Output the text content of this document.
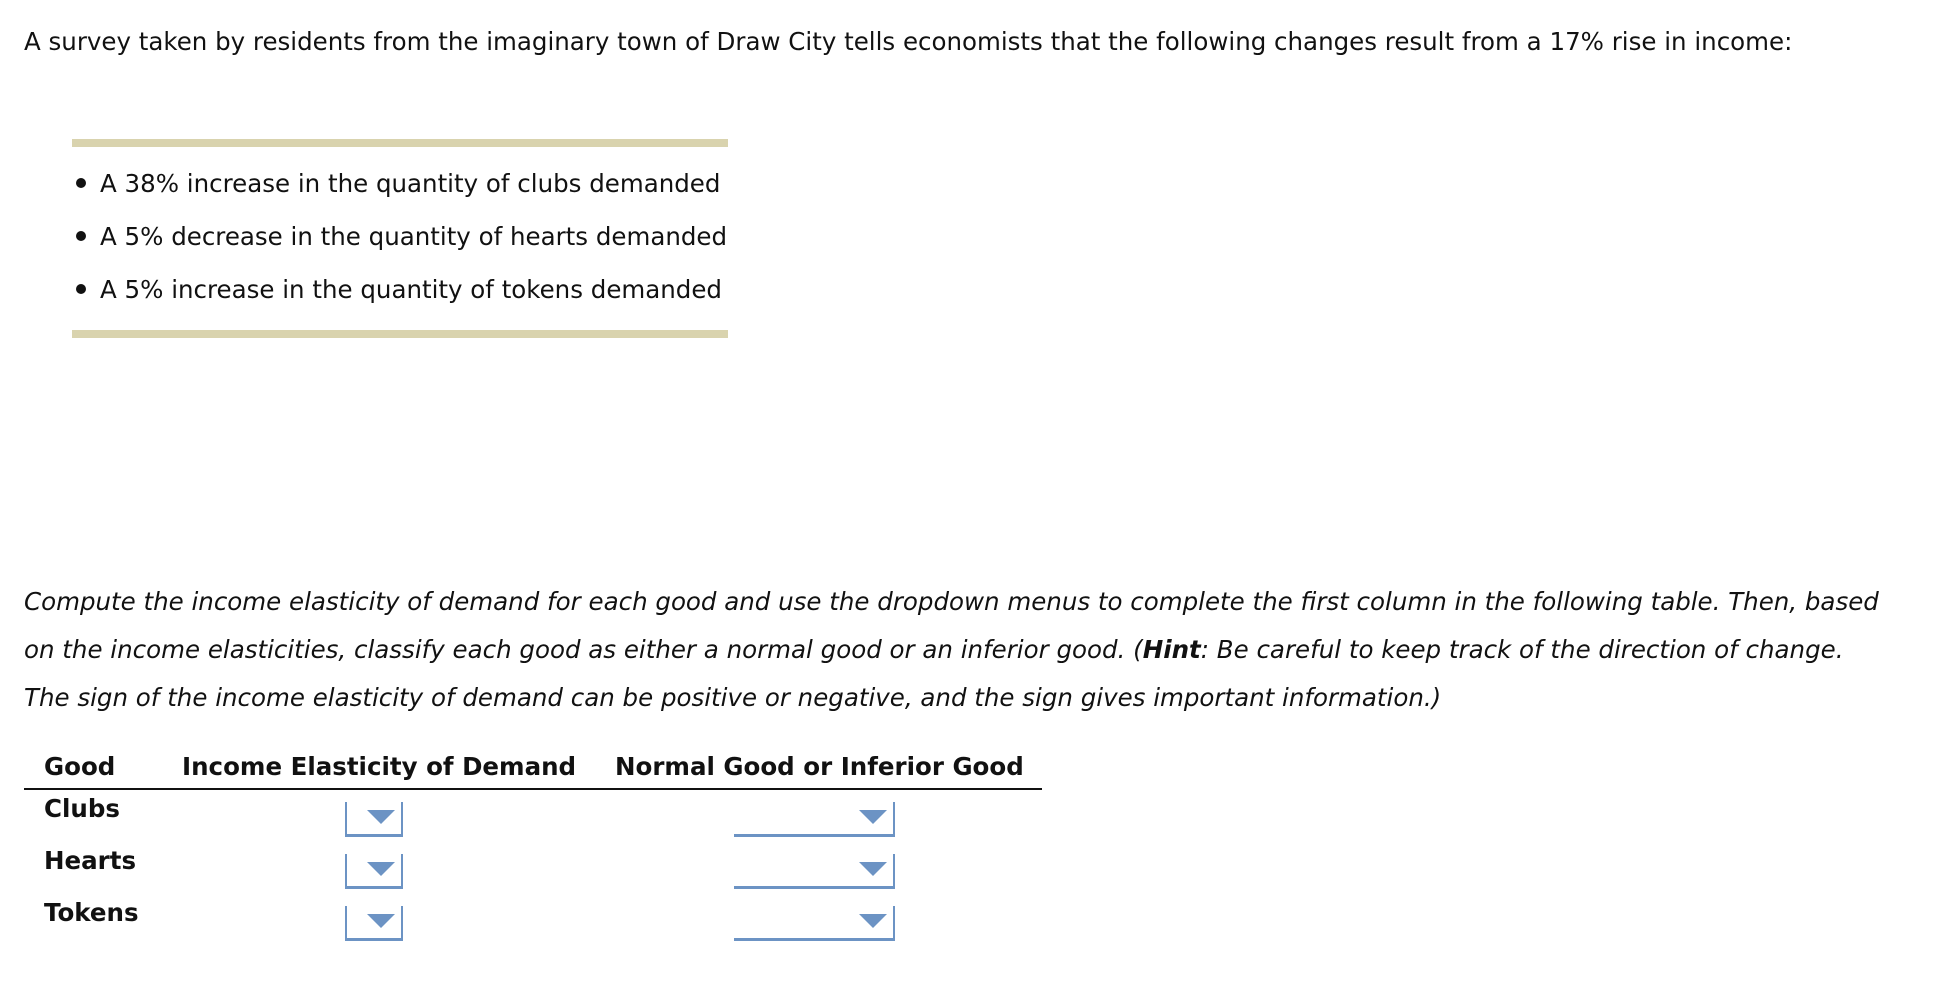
A survey taken by residents from the imaginary town of Draw City tells economists that the following changes result from a 17% rise in income:
A 38% increase in the quantity of clubs demanded
A 5% decrease in the quantity of hearts demanded
A 5% increase in the quantity of tokens demanded
Compute the income elasticity of demand for each good and use the dropdown menus to complete the first column in the following table. Then, based
on the income elasticities, classify each good as either a normal good or an inferior good. (Hint: Be careful to keep track of the direction of change.
The sign of the income elasticity of demand can be positive or negative, and the sign gives important information.)
Good	Income Elasticity of Demand Normal Good or Inferior Good
Clubs
Hearts
Tokens
